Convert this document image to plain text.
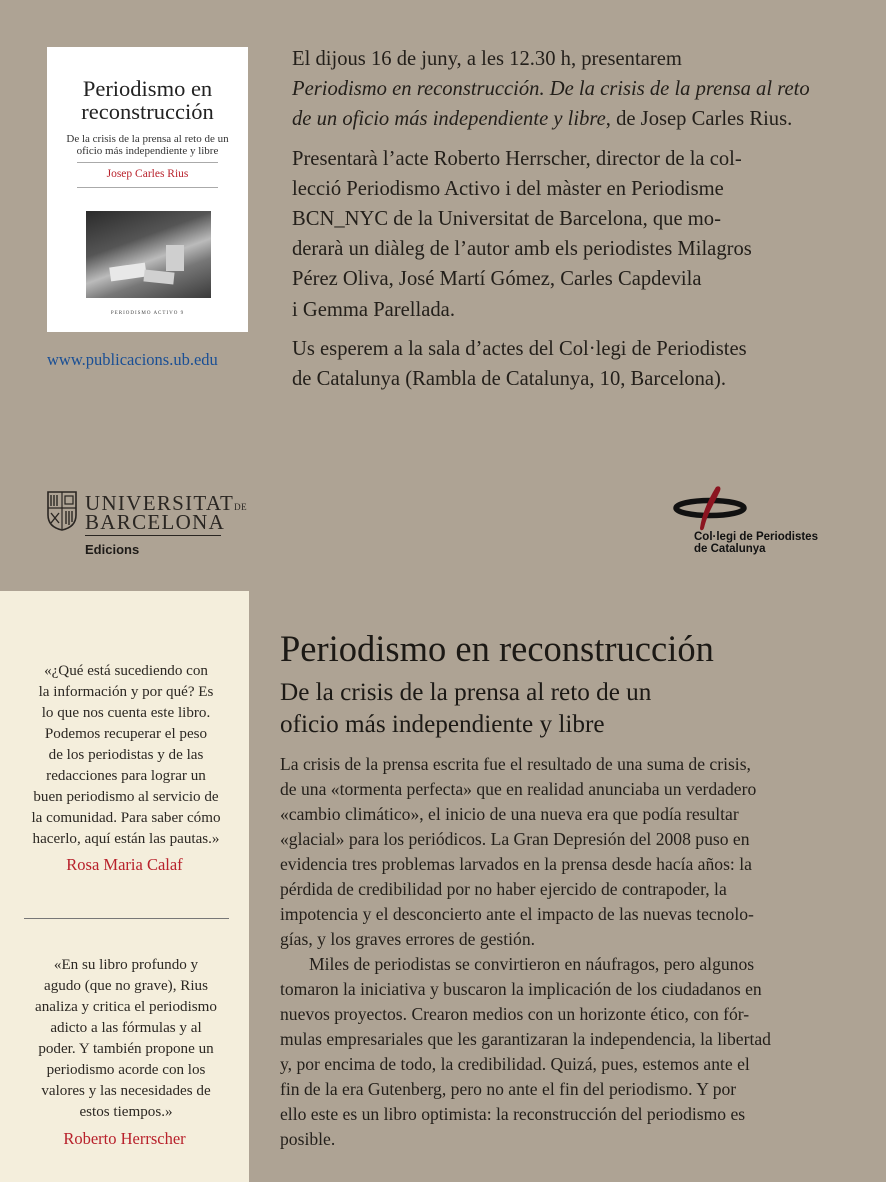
Periodismo en
reconstrucción
De la crisis de la prensa al reto de un
oficio más independiente y libre
Josep Carles Rius
PERIODISMO ACTIVO 9
www.publicacions.ub.edu

El dijous 16 de juny, a les 12.30 h, presentarem
Periodismo en reconstrucción. De la crisis de la prensa al reto
de un oficio más independiente y libre, de Josep Carles Rius.

Presentarà l’acte Roberto Herrscher, director de la col-
lecció Periodismo Activo i del màster en Periodisme
BCN_NYC de la Universitat de Barcelona, que mo-
derarà un diàleg de l’autor amb els periodistes Milagros
Pérez Oliva, José Martí Gómez, Carles Capdevila
i Gemma Parellada.

Us esperem a la sala d’actes del Col·legi de Periodistes
de Catalunya (Rambla de Catalunya, 10, Barcelona).

UNIVERSITATDE
BARCELONA
Edicions
Col·legi de Periodistes
de Catalunya
«¿Qué está sucediendo con
la información y por qué? Es
lo que nos cuenta este libro.
Podemos recuperar el peso
de los periodistas y de las
redacciones para lograr un
buen periodismo al servicio de
la comunidad. Para saber cómo
hacerlo, aquí están las pautas.»
Rosa Maria Calaf
«En su libro profundo y
agudo (que no grave), Rius
analiza y critica el periodismo
adicto a las fórmulas y al
poder. Y también propone un
periodismo acorde con los
valores y las necesidades de
estos tiempos.»
Roberto Herrscher
Periodismo en reconstrucción
De la crisis de la prensa al reto de un
oficio más independiente y libre

La crisis de la prensa escrita fue el resultado de una suma de crisis,
de una «tormenta perfecta» que en realidad anunciaba un verdadero
«cambio climático», el inicio de una nueva era que podía resultar
«glacial» para los periódicos. La Gran Depresión del 2008 puso en
evidencia tres problemas larvados en la prensa desde hacía años: la
pérdida de credibilidad por no haber ejercido de contrapoder, la
impotencia y el desconcierto ante el impacto de las nuevas tecnolo-
gías, y los graves errores de gestión.

Miles de periodistas se convirtieron en náufragos, pero algunos
tomaron la iniciativa y buscaron la implicación de los ciudadanos en
nuevos proyectos. Crearon medios con un horizonte ético, con fór-
mulas empresariales que les garantizaran la independencia, la libertad
y, por encima de todo, la credibilidad. Quizá, pues, estemos ante el
fin de la era Gutenberg, pero no ante el fin del periodismo. Y por
ello este es un libro optimista: la reconstrucción del periodismo es
posible.
